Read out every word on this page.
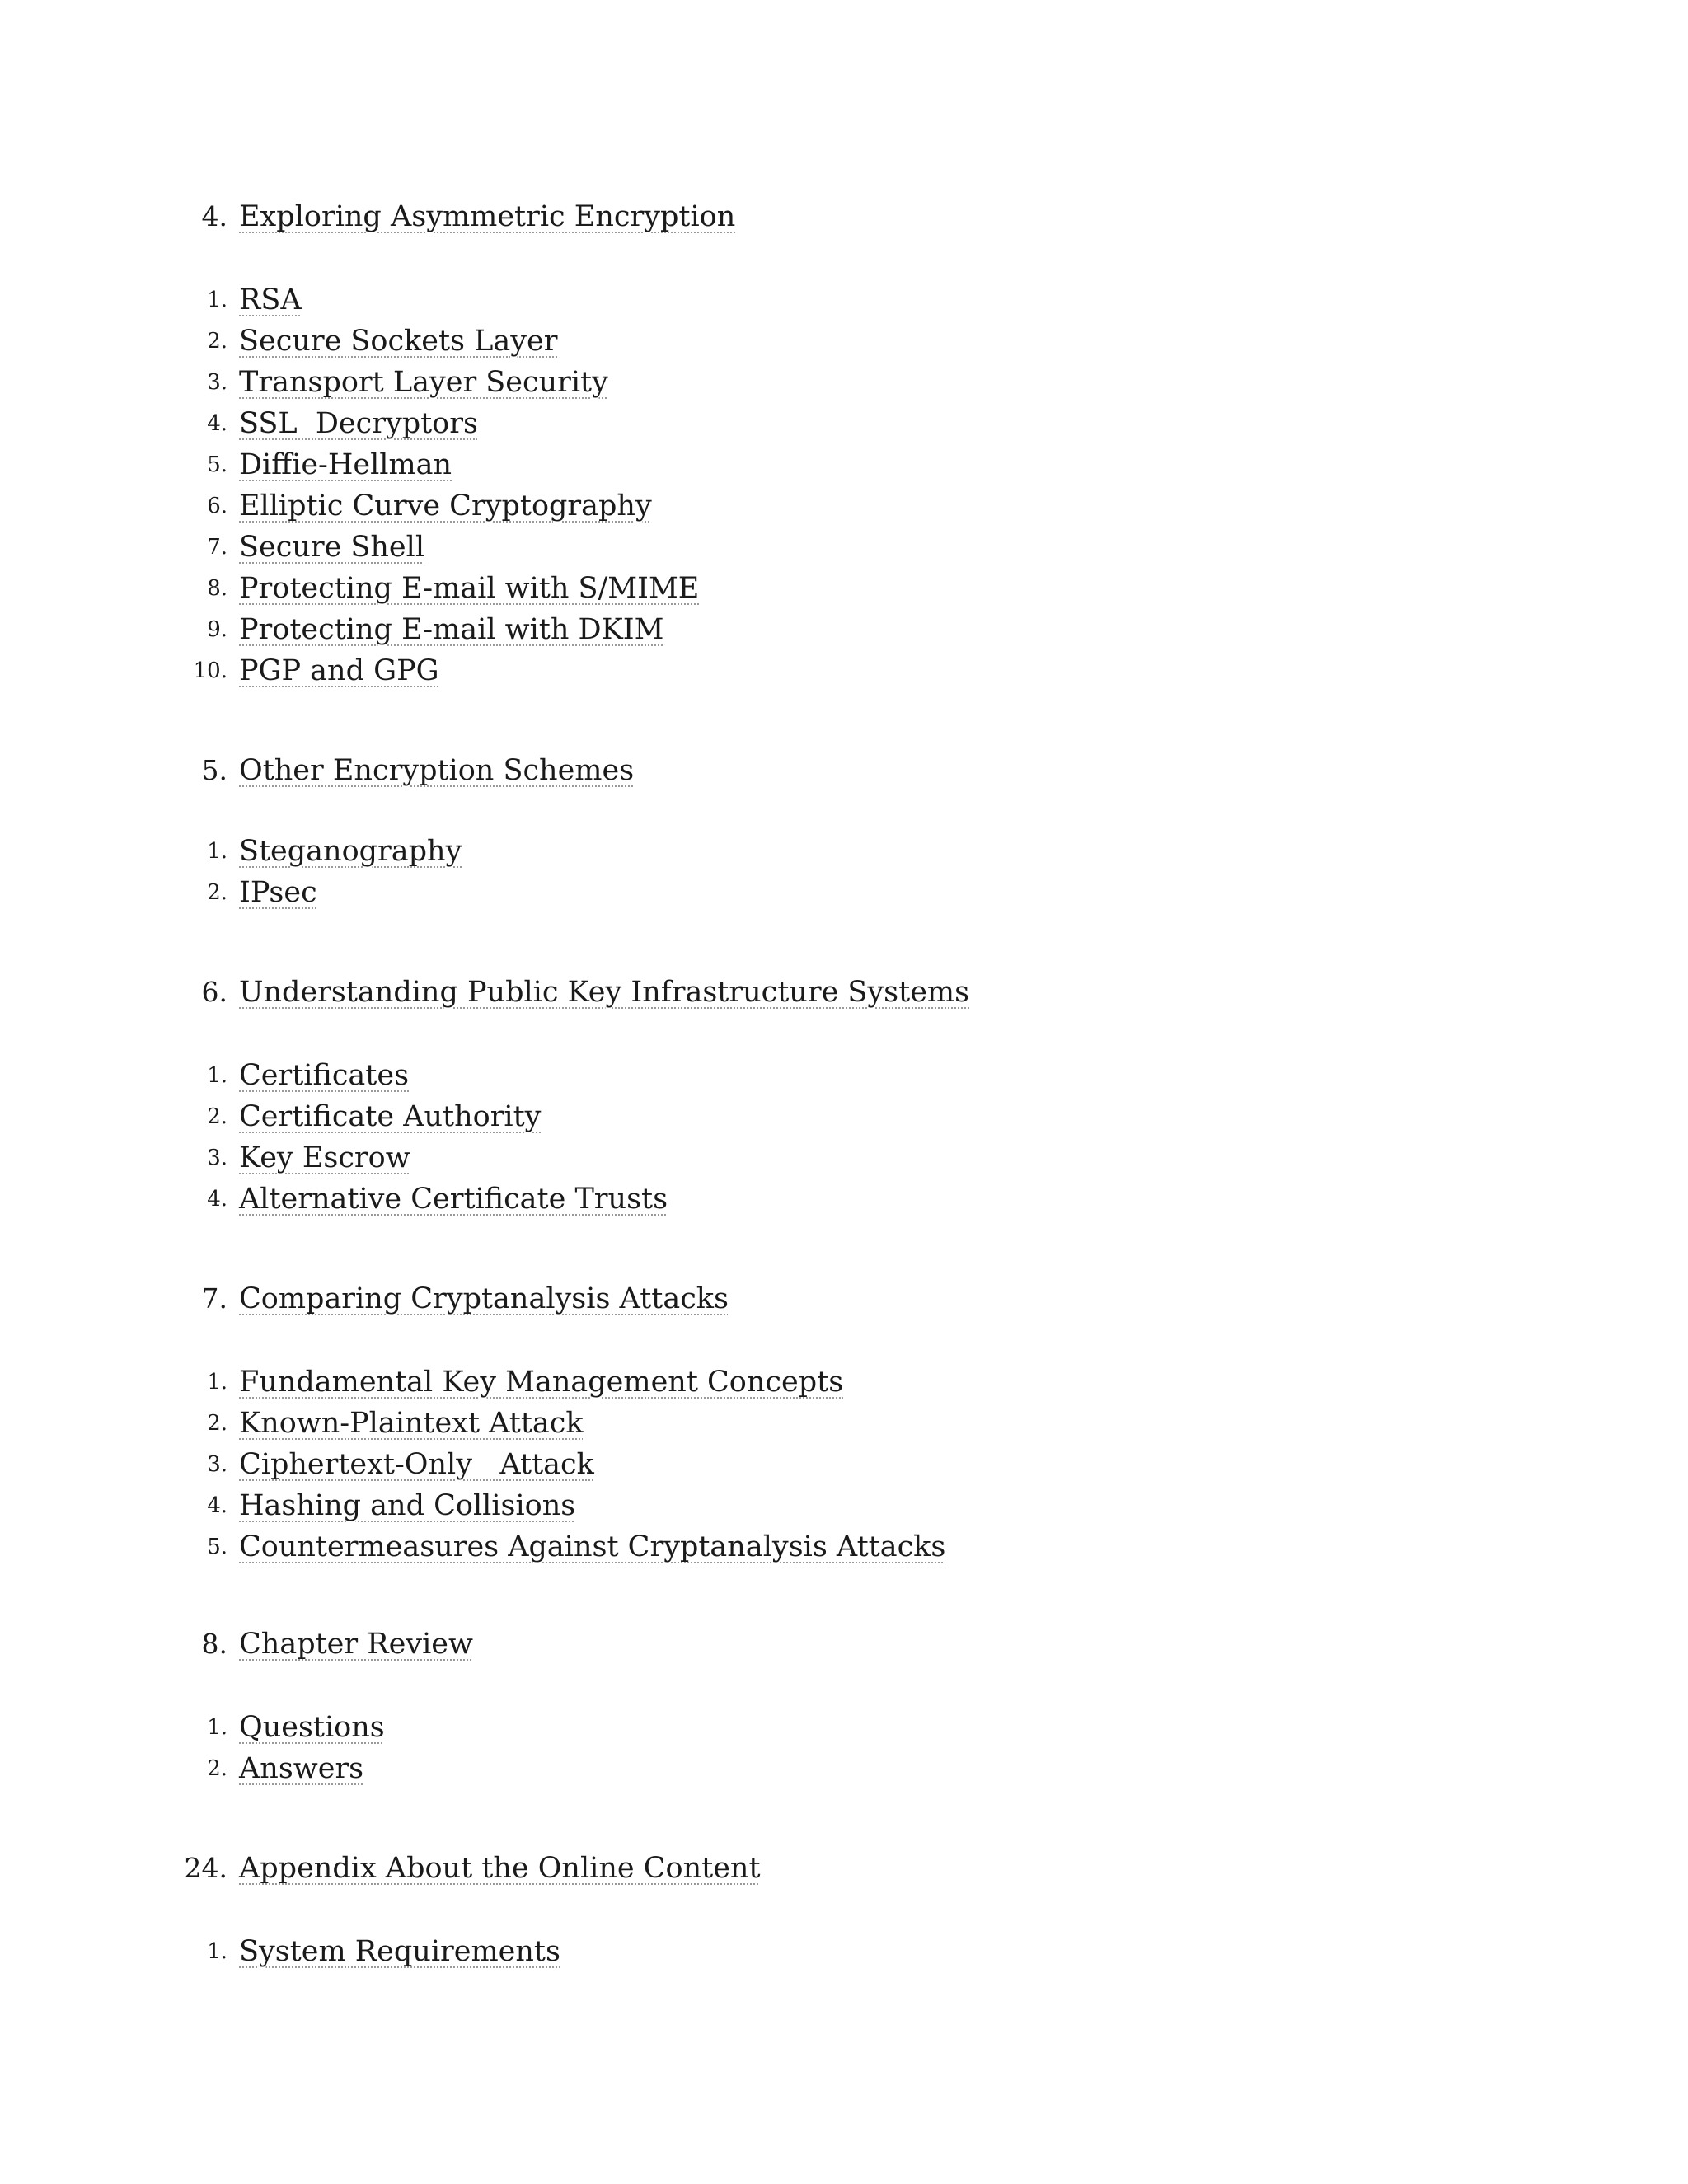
4. Exploring Asymmetric Encryption
1. RSA
2. Secure Sockets Layer
3. Transport Layer Security
4. SSL  Decryptors
5. Diffie-Hellman
6. Elliptic Curve Cryptography
7. Secure Shell
8. Protecting E-mail with S/MIME
9. Protecting E-mail with DKIM
10. PGP and GPG
5. Other Encryption Schemes
1. Steganography
2. IPsec
6. Understanding Public Key Infrastructure Systems
1. Certificates
2. Certificate Authority
3. Key Escrow
4. Alternative Certificate Trusts
7. Comparing Cryptanalysis Attacks
1. Fundamental Key Management Concepts
2. Known-Plaintext Attack
3. Ciphertext-Only   Attack
4. Hashing and Collisions
5. Countermeasures Against Cryptanalysis Attacks
8. Chapter Review
1. Questions
2. Answers
24. Appendix About the Online Content
1. System Requirements
